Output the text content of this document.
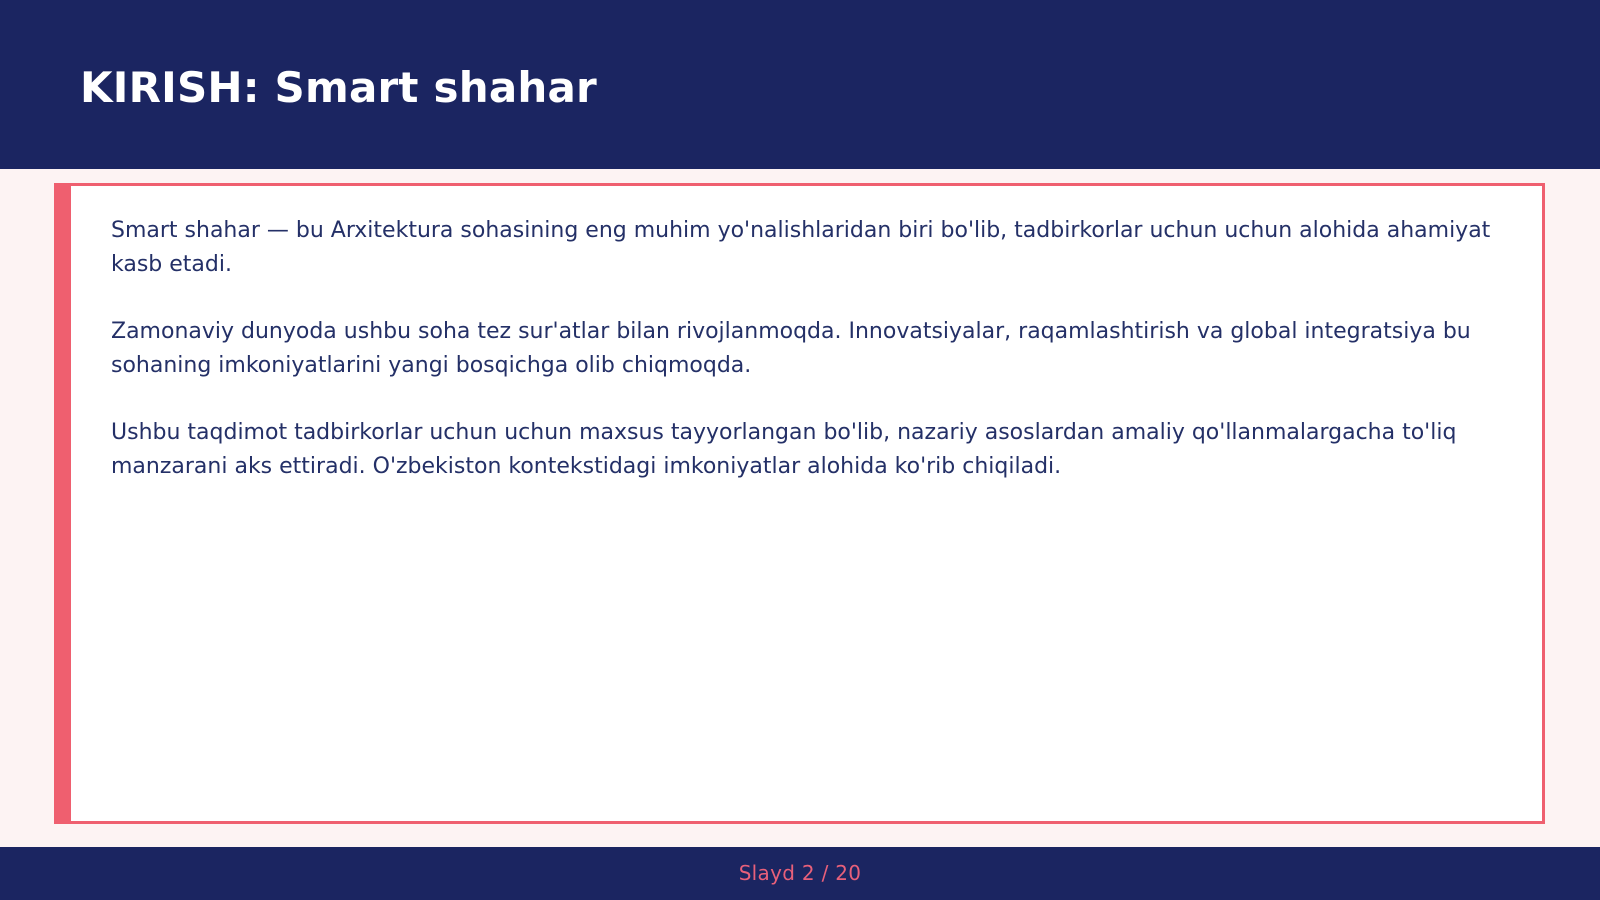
KIRISH: Smart shahar

Smart shahar — bu Arxitektura sohasining eng muhim yo'nalishlaridan biri bo'lib, tadbirkorlar uchun uchun alohida ahamiyat kasb etadi.

Zamonaviy dunyoda ushbu soha tez sur'atlar bilan rivojlanmoqda. Innovatsiyalar, raqamlashtirish va global integratsiya bu sohaning imkoniyatlarini yangi bosqichga olib chiqmoqda.

Ushbu taqdimot tadbirkorlar uchun uchun maxsus tayyorlangan bo'lib, nazariy asoslardan amaliy qo'llanmalargacha to'liq manzarani aks ettiradi. O'zbekiston kontekstidagi imkoniyatlar alohida ko'rib chiqiladi.

Slayd 2 / 20
